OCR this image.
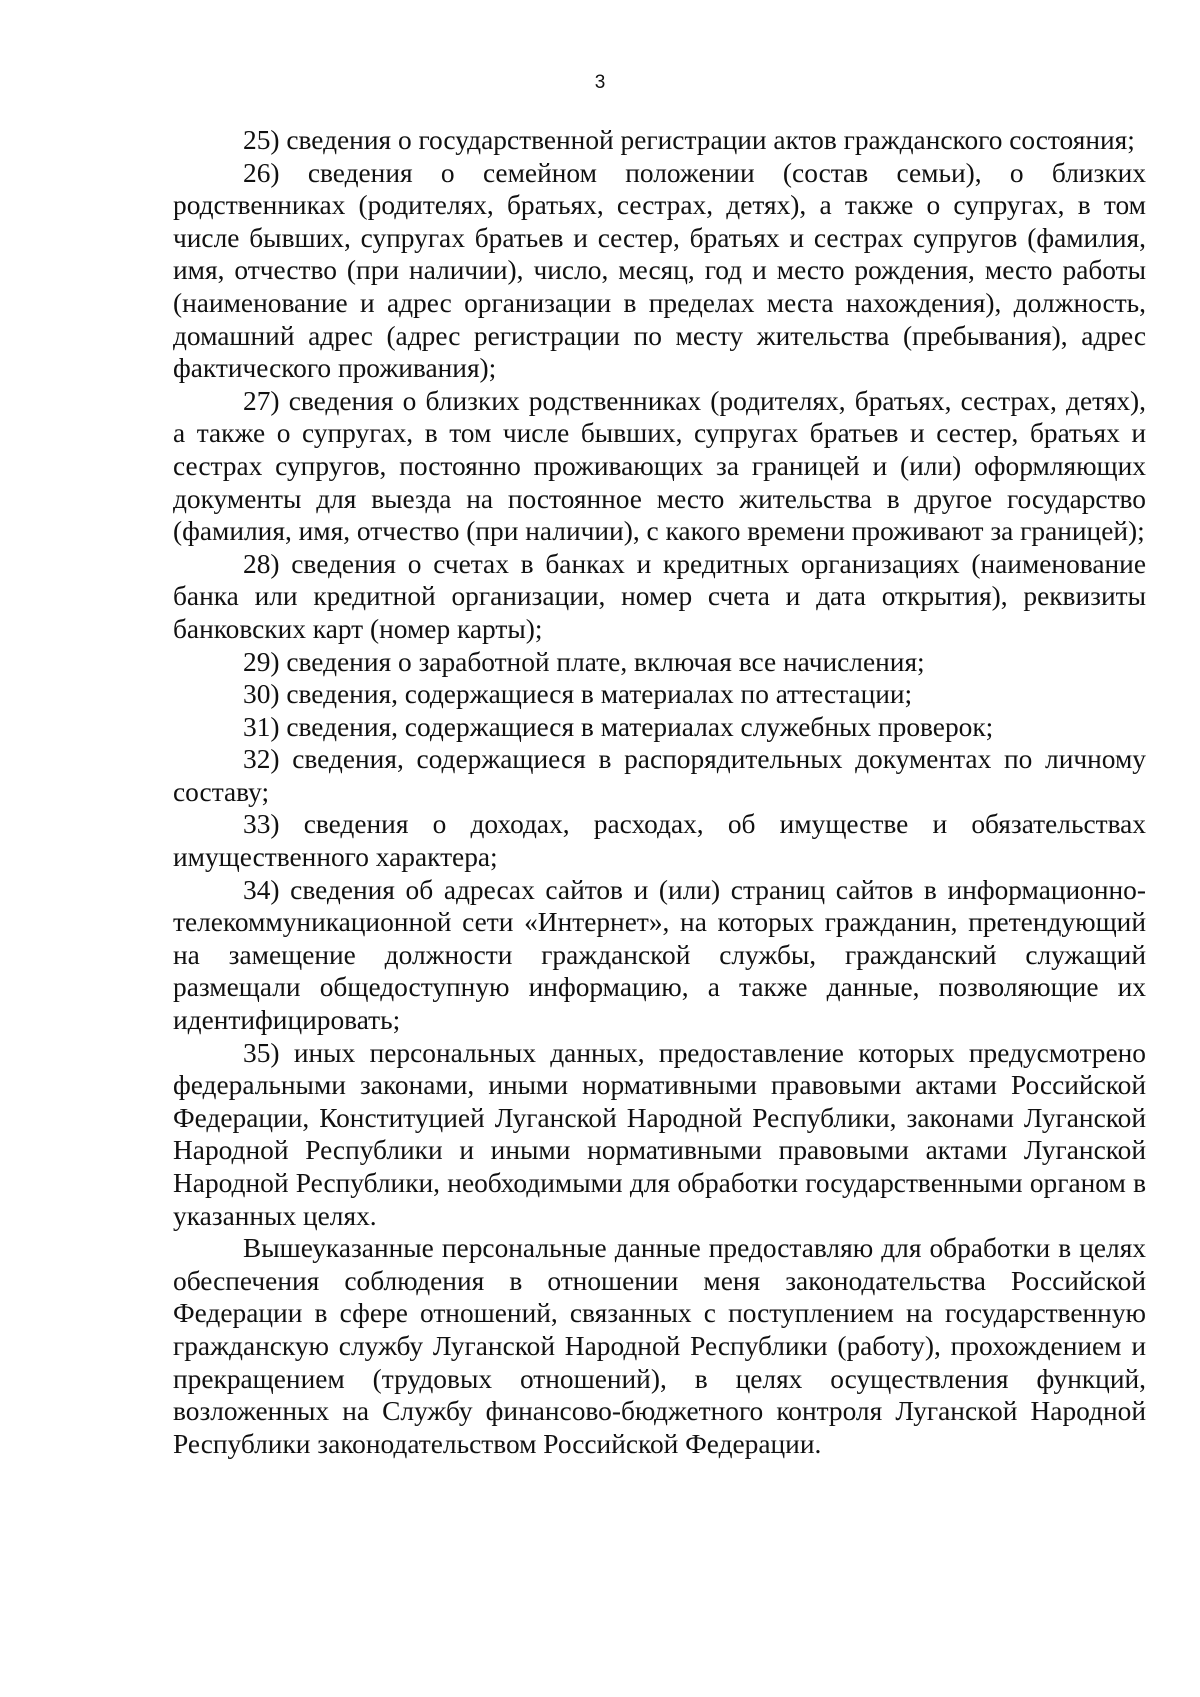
3

25) сведения о государственной регистрации актов гражданского состояния;

26) сведения о семейном положении (состав семьи), о близких родственниках (родителях, братьях, сестрах, детях), а также о супругах, в том числе бывших, супругах братьев и сестер, братьях и сестрах супругов (фамилия, имя, отчество (при наличии), число, месяц, год и место рождения, место работы (наименование и адрес организации в пределах места нахождения), должность, домашний адрес (адрес регистрации по месту жительства (пребывания), адрес фактического проживания);

27) сведения о близких родственниках (родителях, братьях, сестрах, детях), а также о супругах, в том числе бывших, супругах братьев и сестер, братьях и сестрах супругов, постоянно проживающих за границей и (или) оформляющих документы для выезда на постоянное место жительства в другое государство (фамилия, имя, отчество (при наличии), с какого времени проживают за границей);

28) сведения о счетах в банках и кредитных организациях (наименование банка или кредитной организации, номер счета и дата открытия), реквизиты банковских карт (номер карты);

29) сведения о заработной плате, включая все начисления;

30) сведения, содержащиеся в материалах по аттестации;

31) сведения, содержащиеся в материалах служебных проверок;

32) сведения, содержащиеся в распорядительных документах по личному составу;

33) сведения о доходах, расходах, об имуществе и обязательствах имущественного характера;

34) сведения об адресах сайтов и (или) страниц сайтов в информационно-телекоммуникационной сети «Интернет», на которых гражданин, претендующий на замещение должности гражданской службы, гражданский служащий размещали общедоступную информацию, а также данные, позволяющие их идентифицировать;

35) иных персональных данных, предоставление которых предусмотрено федеральными законами, иными нормативными правовыми актами Российской Федерации, Конституцией Луганской Народной Республики, законами Луганской Народной Республики и иными нормативными правовыми актами Луганской Народной Республики, необходимыми для обработки государственными органом в указанных целях.

Вышеуказанные персональные данные предоставляю для обработки в целях обеспечения соблюдения в отношении меня законодательства Российской Федерации в сфере отношений, связанных с поступлением на государственную гражданскую службу Луганской Народной Республики (работу), прохождением и прекращением (трудовых отношений), в целях осуществления функций, возложенных на Службу финансово-бюджетного контроля Луганской Народной Республики законодательством Российской Федерации.
